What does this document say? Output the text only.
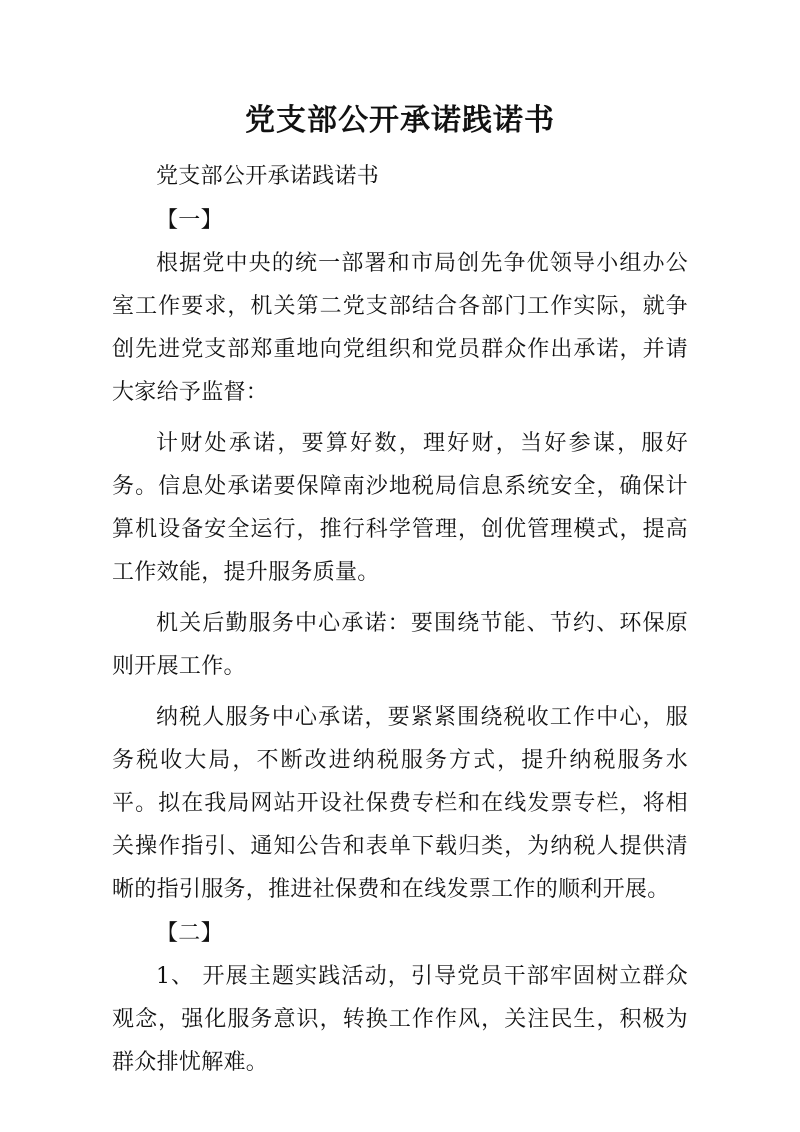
党支部公开承诺践诺书

党支部公开承诺践诺书

【一】

根据党中央的统一部署和市局创先争优领导小组办公室工作要求，机关第二党支部结合各部门工作实际，就争创先进党支部郑重地向党组织和党员群众作出承诺，并请大家给予监督：

计财处承诺，要算好数，理好财，当好参谋，服好务。信息处承诺要保障南沙地税局信息系统安全，确保计算机设备安全运行，推行科学管理，创优管理模式，提高工作效能，提升服务质量。

机关后勤服务中心承诺：要围绕节能、节约、环保原则开展工作。

纳税人服务中心承诺，要紧紧围绕税收工作中心，服务税收大局，不断改进纳税服务方式，提升纳税服务水平。拟在我局网站开设社保费专栏和在线发票专栏，将相关操作指引、通知公告和表单下载归类，为纳税人提供清晰的指引服务，推进社保费和在线发票工作的顺利开展。

【二】

1、 开展主题实践活动，引导党员干部牢固树立群众观念，强化服务意识，转换工作作风，关注民生，积极为群众排忧解难。
